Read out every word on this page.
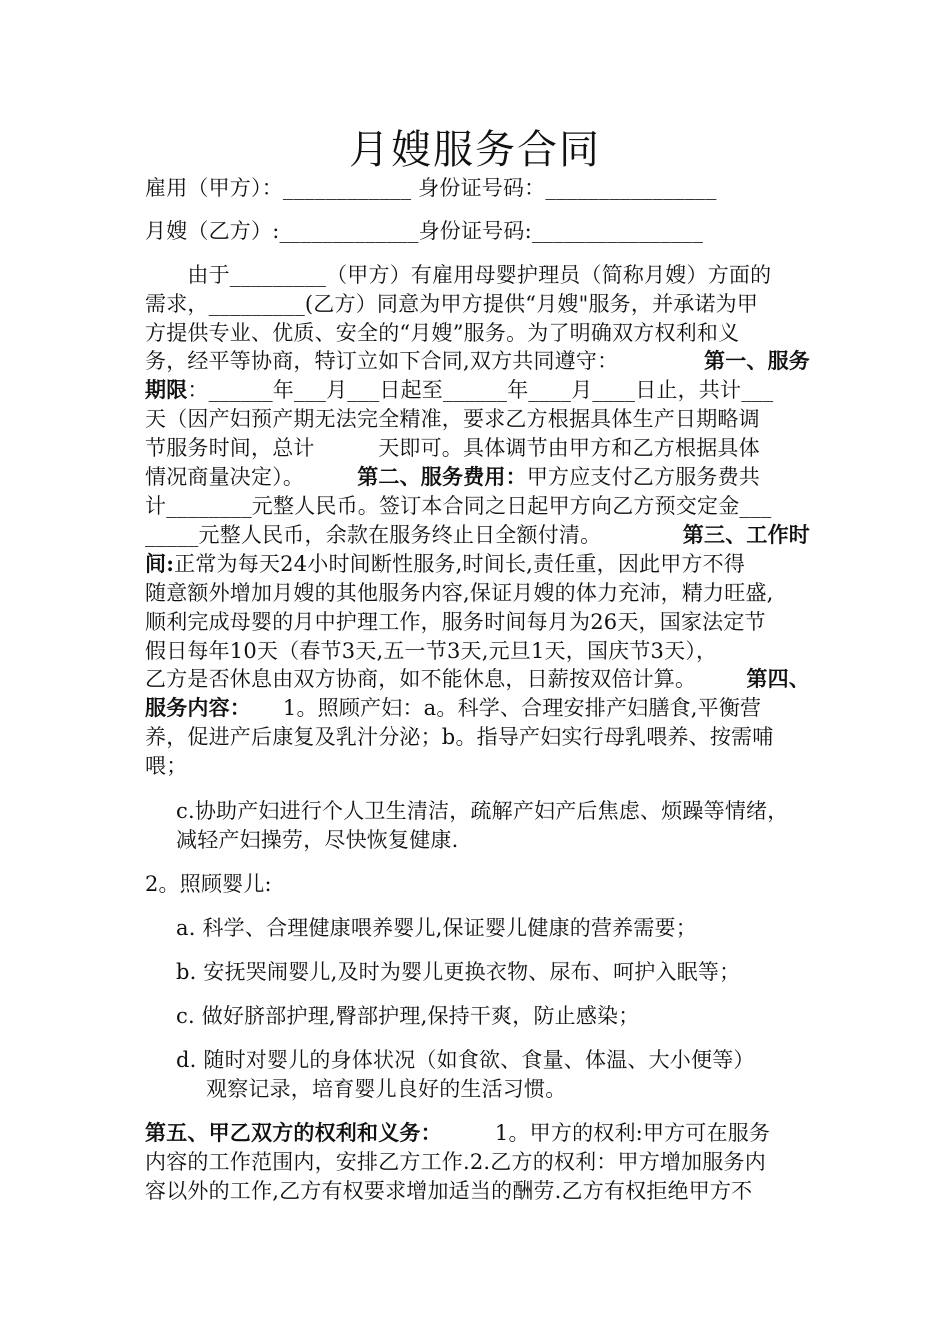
月嫂服务合同
雇用（甲方）：____________ 身份证号码：________________
月嫂（乙方）:_____________身份证号码:________________
　　由于_________（甲方）有雇用母婴护理员（简称月嫂）方面的
需求，_________(乙方）同意为甲方提供“月嫂"服务，并承诺为甲
方提供专业、优质、安全的“月嫂”服务。为了明确双方权利和义
务，经平等协商，特订立如下合同,双方共同遵守：　　　 第一、服务
期限：______年___月___日起至______年____月____日止，共计___
天（因产妇预产期无法完全精准，要求乙方根据具体生产日期略调
节服务时间，总计　　　天即可。具体调节由甲方和乙方根据具体
情况商量决定）。　　　第二、服务费用：甲方应支付乙方服务费共
计________元整人民币。签订本合同之日起甲方向乙方预交定金___
_____元整人民币，余款在服务终止日全额付清。　　　 第三、工作时
间:正常为每天24小时间断性服务,时间长,责任重，因此甲方不得
随意额外增加月嫂的其他服务内容,保证月嫂的体力充沛，精力旺盛,
顺利完成母婴的月中护理工作，服务时间每月为26天，国家法定节
假日每年10天（春节3天,五一节3天,元旦1天，国庆节3天），
乙方是否休息由双方协商，如不能休息，日薪按双倍计算。　 第四、
服务内容：　　1。照顾产妇：a。科学、合理安排产妇膳食,平衡营
养，促进产后康复及乳汁分泌；b。指导产妇实行母乳喂养、按需哺
喂；
c.协助产妇进行个人卫生清洁，疏解产妇产后焦虑、烦躁等情绪，
减轻产妇操劳，尽快恢复健康.
2。照顾婴儿:
a. 科学、合理健康喂养婴儿,保证婴儿健康的营养需要；
b. 安抚哭闹婴儿,及时为婴儿更换衣物、尿布、呵护入眠等；
c. 做好脐部护理,臀部护理,保持干爽，防止感染；
d. 随时对婴儿的身体状况（如食欲、食量、体温、大小便等）
观察记录，培育婴儿良好的生活习惯。
第五、甲乙双方的权利和义务：　　　1。甲方的权利:甲方可在服务
内容的工作范围内，安排乙方工作.2.乙方的权利：甲方增加服务内
容以外的工作,乙方有权要求增加适当的酬劳.乙方有权拒绝甲方不
